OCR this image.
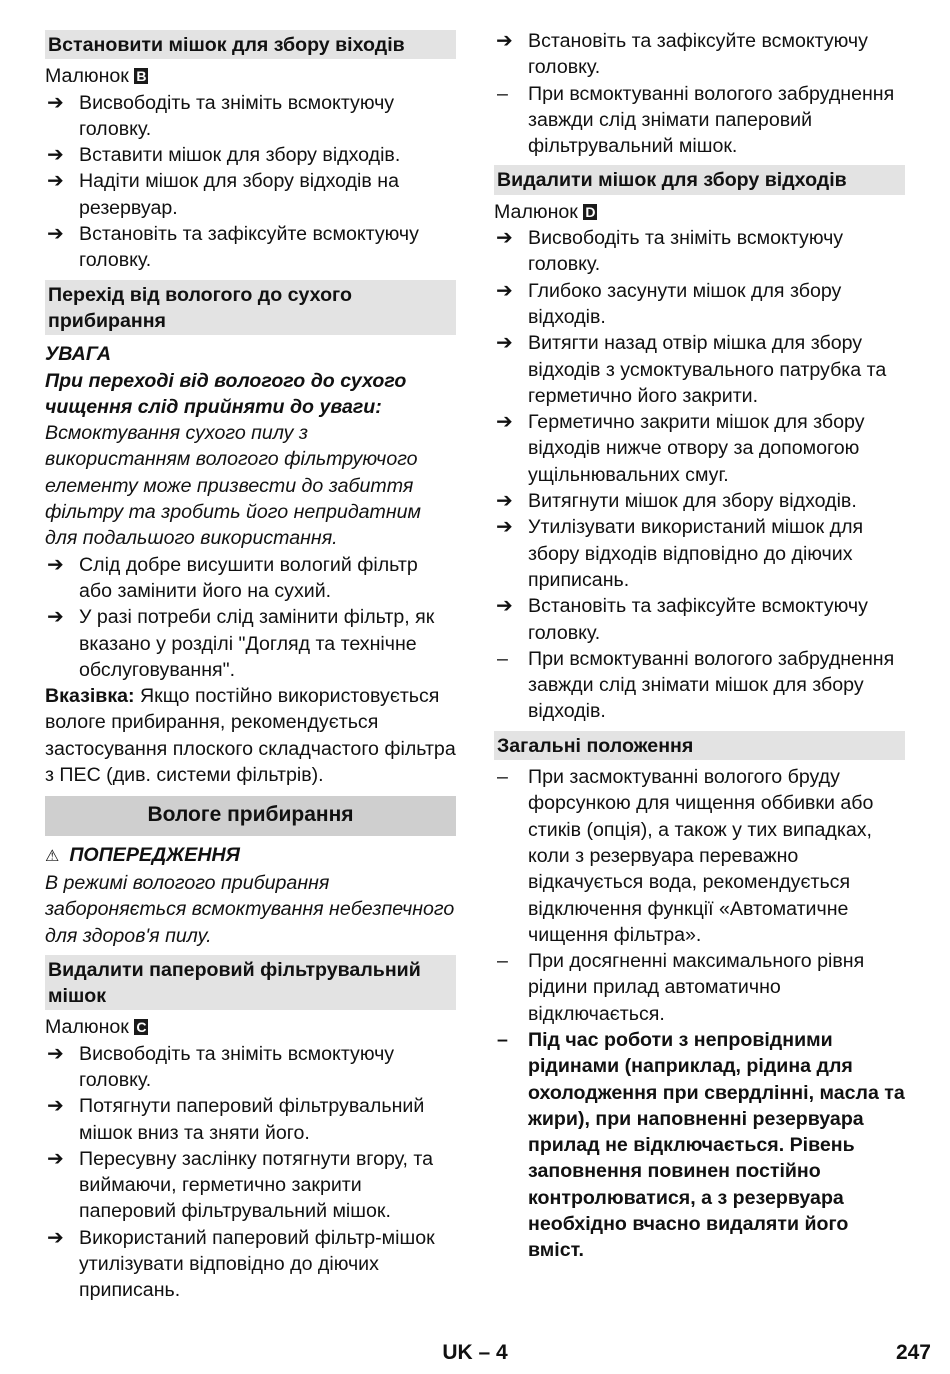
Встановити мішок для збору віходів
Малюнок B
➔ Висвободіть та зніміть всмоктуючу головку.
➔ Вставити мішок для збору відходів.
➔ Надіти мішок для збору відходів на резервуар.
➔ Встановіть та зафіксуйте всмоктуючу головку.
Перехід від вологого до сухого прибирання
УВАГА
При переході від вологого до сухого чищення слід прийняти до уваги:
Всмоктування сухого пилу з використанням вологого фільтруючого елементу може призвести до забиття фільтру та зробить його непридатним для подальшого використання.
➔ Слід добре висушити вологий фільтр або замінити його на сухий.
➔ У разі потреби слід замінити фільтр, як вказано у розділі "Догляд та технічне обслуговування".
Вказівка: Якщо постійно використовується вологе прибирання, рекомендується застосування плоского складчастого фільтра з ПЕС (див. системи фільтрів).
Вологе прибирання
⚠ ПОПЕРЕДЖЕННЯ
В режимі вологого прибирання забороняється всмоктування небезпечного для здоров'я пилу.
Видалити паперовий фільтрувальний мішок
Малюнок C
➔ Висвободіть та зніміть всмоктуючу головку.
➔ Потягнути паперовий фільтрувальний мішок вниз та зняти його.
➔ Пересувну заслінку потягнути вгору, та виймаючи, герметично закрити паперовий фільтрувальний мішок.
➔ Використаний паперовий фільтр-мішок утилізувати відповідно до діючих приписань.
➔ Встановіть та зафіксуйте всмоктуючу головку.
– При всмоктуванні вологого забруднення завжди слід знімати паперовий фільтрувальний мішок.
Видалити мішок для збору відходів
Малюнок D
➔ Висвободіть та зніміть всмоктуючу головку.
➔ Глибоко засунути мішок для збору відходів.
➔ Витягти назад отвір мішка для збору відходів з усмоктувального патрубка та герметично його закрити.
➔ Герметично закрити мішок для збору відходів нижче отвору за допомогою ущільнювальних смуг.
➔ Витягнути мішок для збору відходів.
➔ Утилізувати використаний мішок для збору відходів відповідно до діючих приписань.
➔ Встановіть та зафіксуйте всмоктуючу головку.
– При всмоктуванні вологого забруднення завжди слід знімати мішок для збору відходів.
Загальні положення
– При засмоктуванні вологого бруду форсункою для чищення оббивки або стиків (опція), а також у тих випадках, коли з резервуара переважно відкачується вода, рекомендується відключення функції «Автоматичне чищення фільтра».
– При досягненні максимального рівня рідини прилад автоматично відключається.
– Під час роботи з непровідними рідинами (наприклад, рідина для охолодження при свердлінні, масла та жири), при наповненні резервуара прилад не відключається. Рівень заповнення повинен постійно контролюватися, а з резервуара необхідно вчасно видаляти його вміст.
UK – 4	247
